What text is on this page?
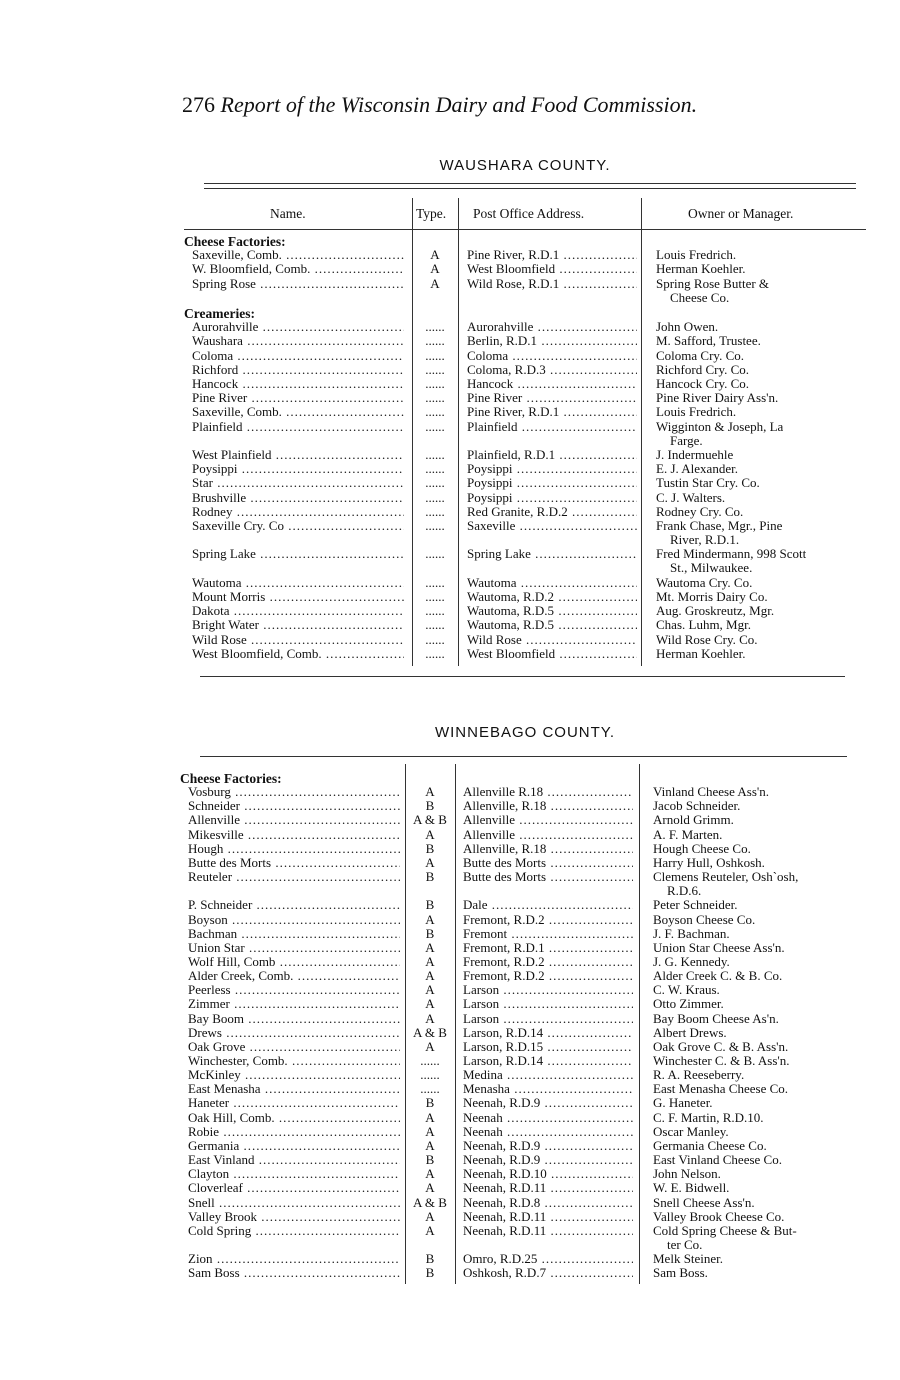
276 Report of the Wisconsin Dairy and Food Commission.
WAUSHARA COUNTY.
Name.	Type. Post Office Address.	Owner or Manager.
Cheese Factories:
Saxeville, Comb. .....	A	Pine River, R.D.1 .....	Louis Fredrich.
W. Bloomfield, Comb. .....	A	West Bloomfield .....	Herman Koehler.
Spring Rose .....	A	Wild Rose, R.D.1 .....	Spring Rose Butter &
Cheese Co.
Creameries:
Aurorahville .....	......	Aurorahville .....	John Owen.
Waushara .....	......	Berlin, R.D.1 .....	M. Safford, Trustee.
Coloma .....	......	Coloma .....	Coloma Cry. Co.
Richford .....	......	Coloma, R.D.3 .....	Richford Cry. Co.
Hancock .....	......	Hancock .....	Hancock Cry. Co.
Pine River .....	......	Pine River .....	Pine River Dairy Ass'n.
Saxeville, Comb. .....	......	Pine River, R.D.1 .....	Louis Fredrich.
Plainfield .....	......	Plainfield .....	Wigginton & Joseph, La
Farge.
West Plainfield .....	......	Plainfield, R.D.1 .....	J. Indermuehle
Poysippi .....	......	Poysippi .....	E. J. Alexander.
Star .....	......	Poysippi .....	Tustin Star Cry. Co.
Brushville .....	......	Poysippi .....	C. J. Walters.
Rodney .....	......	Red Granite, R.D.2 .....	Rodney Cry. Co.
Saxeville Cry. Co .....	......	Saxeville .....	Frank Chase, Mgr., Pine
River, R.D.1.
Spring Lake .....	......	Spring Lake .....	Fred Mindermann, 998 Scott
St., Milwaukee.
Wautoma .....	......	Wautoma .....	Wautoma Cry. Co.
Mount Morris .....	......	Wautoma, R.D.2 .....	Mt. Morris Dairy Co.
Dakota .....	......	Wautoma, R.D.5 .....	Aug. Groskreutz, Mgr.
Bright Water .....	......	Wautoma, R.D.5 .....	Chas. Luhm, Mgr.
Wild Rose .....	......	Wild Rose .....	Wild Rose Cry. Co.
West Bloomfield, Comb. .....	......	West Bloomfield .....	Herman Koehler.
WINNEBAGO COUNTY.
Cheese Factories:
Vosburg .....	A	Allenville R.18 .....	Vinland Cheese Ass'n.
Schneider .....	B	Allenville, R.18 .....	Jacob Schneider.
Allenville .....	A & B	Allenville .....	Arnold Grimm.
Mikesville .....	A	Allenville .....	A. F. Marten.
Hough .....	B	Allenville, R.18 .....	Hough Cheese Co.
Butte des Morts .....	A	Butte des Morts .....	Harry Hull, Oshkosh.
Reuteler .....	B	Butte des Morts .....	Clemens Reuteler, Osh`osh,
R.D.6.
P. Schneider .....	B	Dale .....	Peter Schneider.
Boyson .....	A	Fremont, R.D.2 .....	Boyson Cheese Co.
Bachman .....	B	Fremont .....	J. F. Bachman.
Union Star .....	A	Fremont, R.D.1 .....	Union Star Cheese Ass'n.
Wolf Hill, Comb .....	A	Fremont, R.D.2 .....	J. G. Kennedy.
Alder Creek, Comb. .....	A	Fremont, R.D.2 .....	Alder Creek C. & B. Co.
Peerless .....	A	Larson .....	C. W. Kraus.
Zimmer .....	A	Larson .....	Otto Zimmer.
Bay Boom .....	A	Larson .....	Bay Boom Cheese As'n.
Drews .....	A & B	Larson, R.D.14 .....	Albert Drews.
Oak Grove .....	A	Larson, R.D.15 .....	Oak Grove C. & B. Ass'n.
Winchester, Comb. .....	......	Larson, R.D.14 .....	Winchester C. & B. Ass'n.
McKinley .....	......	Medina .....	R. A. Reeseberry.
East Menasha .....	......	Menasha .....	East Menasha Cheese Co.
Haneter .....	B	Neenah, R.D.9 .....	G. Haneter.
Oak Hill, Comb. .....	A	Neenah .....	C. F. Martin, R.D.10.
Robie .....	A	Neenah .....	Oscar Manley.
Germania .....	A	Neenah, R.D.9 .....	Germania Cheese Co.
East Vinland .....	B	Neenah, R.D.9 .....	East Vinland Cheese Co.
Clayton .....	A	Neenah, R.D.10 .....	John Nelson.
Cloverleaf .....	A	Neenah, R.D.11 .....	W. E. Bidwell.
Snell .....	A & B	Neenah, R.D.8 .....	Snell Cheese Ass'n.
Valley Brook .....	A	Neenah, R.D.11 .....	Valley Brook Cheese Co.
Cold Spring .....	A	Neenah, R.D.11 .....	Cold Spring Cheese & But-
ter Co.
Zion .....	B	Omro, R.D.25 .....	Melk Steiner.
Sam Boss .....	B	Oshkosh, R.D.7 .....	Sam Boss.
